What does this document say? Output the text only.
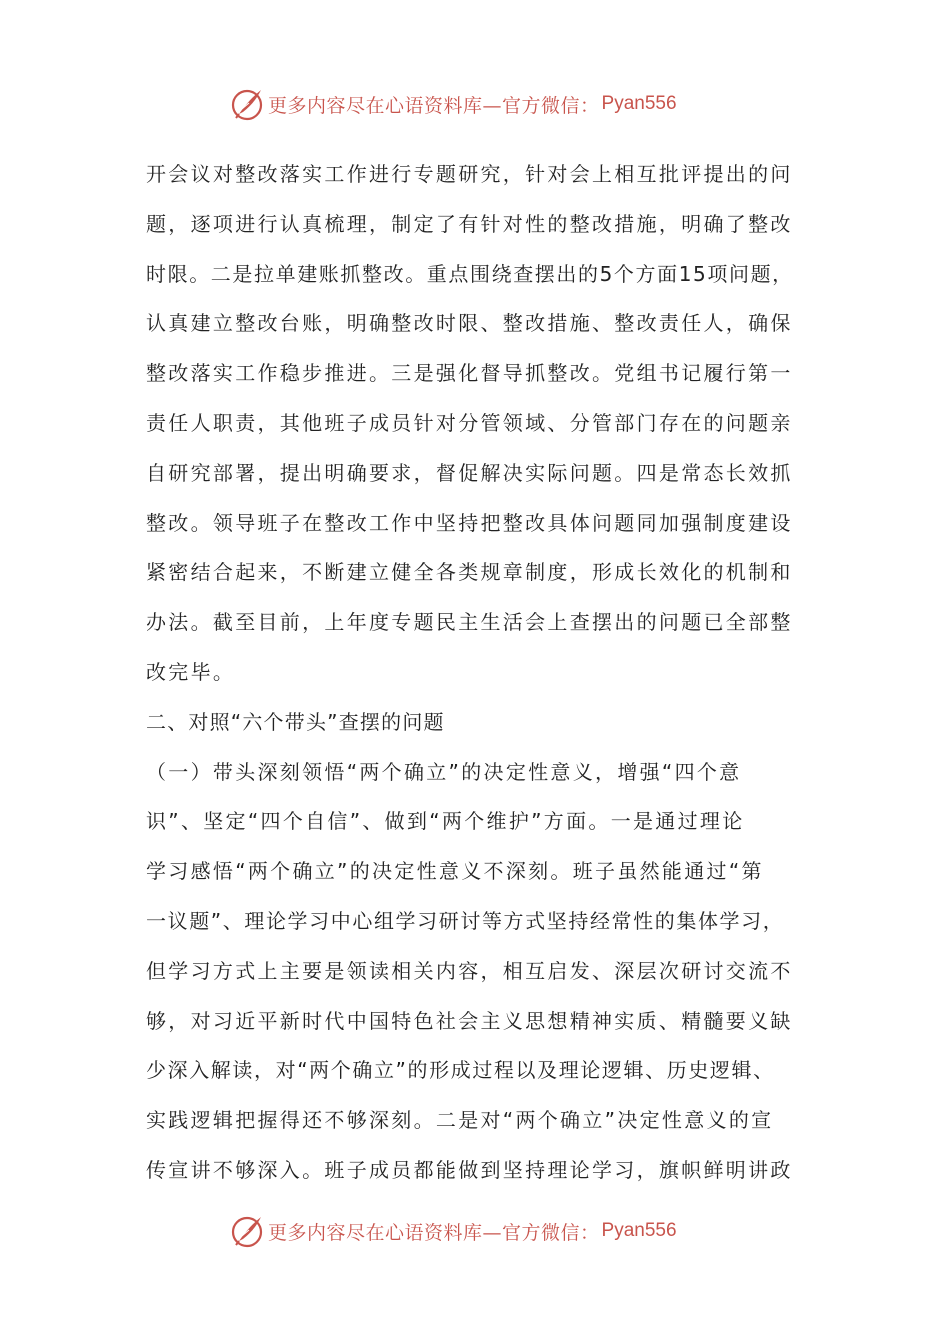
更多内容尽在心语资料库—官方微信： Pyan556
开会议对整改落实工作进行专题研究，针对会上相互批评提出的问
题，逐项进行认真梳理，制定了有针对性的整改措施，明确了整改
时限。二是拉单建账抓整改。重点围绕查摆出的5个方面15项问题，
认真建立整改台账，明确整改时限、整改措施、整改责任人，确保
整改落实工作稳步推进。三是强化督导抓整改。党组书记履行第一
责任人职责，其他班子成员针对分管领域、分管部门存在的问题亲
自研究部署，提出明确要求，督促解决实际问题。四是常态长效抓
整改。领导班子在整改工作中坚持把整改具体问题同加强制度建设
紧密结合起来，不断建立健全各类规章制度，形成长效化的机制和
办法。截至目前，上年度专题民主生活会上查摆出的问题已全部整
改完毕。
二、对照“六个带头”查摆的问题
（一）带头深刻领悟“两个确立”的决定性意义，增强“四个意
识”、坚定“四个自信”、做到“两个维护”方面。一是通过理论
学习感悟“两个确立”的决定性意义不深刻。班子虽然能通过“第
一议题”、理论学习中心组学习研讨等方式坚持经常性的集体学习，
但学习方式上主要是领读相关内容，相互启发、深层次研讨交流不
够，对习近平新时代中国特色社会主义思想精神实质、精髓要义缺
少深入解读，对“两个确立”的形成过程以及理论逻辑、历史逻辑、
实践逻辑把握得还不够深刻。二是对“两个确立”决定性意义的宣
传宣讲不够深入。班子成员都能做到坚持理论学习，旗帜鲜明讲政
更多内容尽在心语资料库—官方微信： Pyan556
